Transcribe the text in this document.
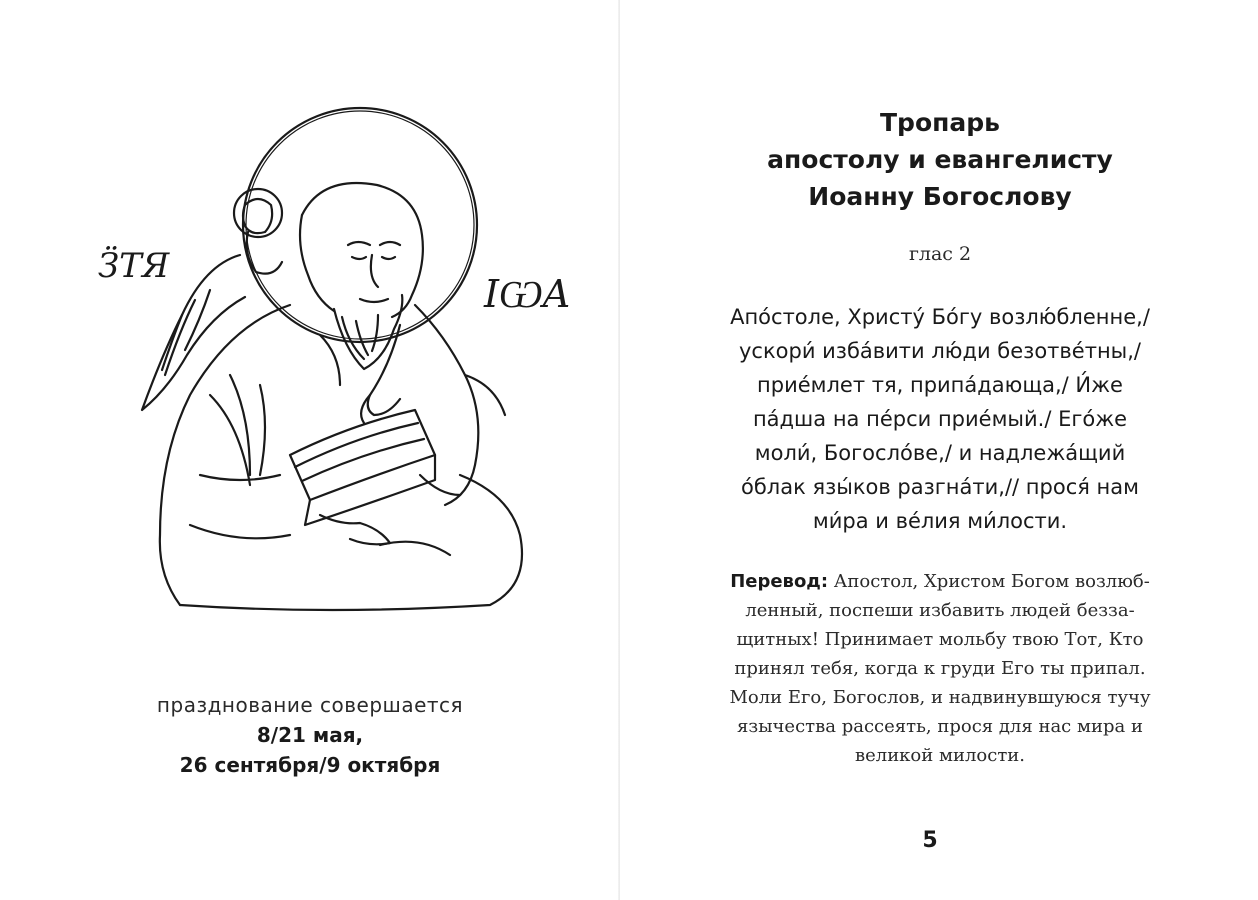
ӞТЯ
ІѠА
празднование совершается
8/21 мая,
26 сентября/9 октября
Тропарь
апостолу и евангелисту
Иоанну Богослову
глас 2
Апо́столе, Христу́ Бо́гу возлю́бленне,/
ускори́ изба́вити лю́ди безотве́тны,/
прие́млет тя, припа́дающа,/ И́же
па́дша на пе́рси прие́мый./ Его́же
моли́, Богосло́ве,/ и надлежа́щий
о́блак язы́ков разгна́ти,// прося́ нам
ми́ра и ве́лия ми́лости.
Перевод: Апостол, Христом Богом возлюб-
ленный, поспеши избавить людей безза-
щитных! Принимает мольбу твою Тот, Кто
принял тебя, когда к груди Его ты припал.
Моли Его, Богослов, и надвинувшуюся тучу
язычества рассеять, прося для нас мира и
великой милости.
5
